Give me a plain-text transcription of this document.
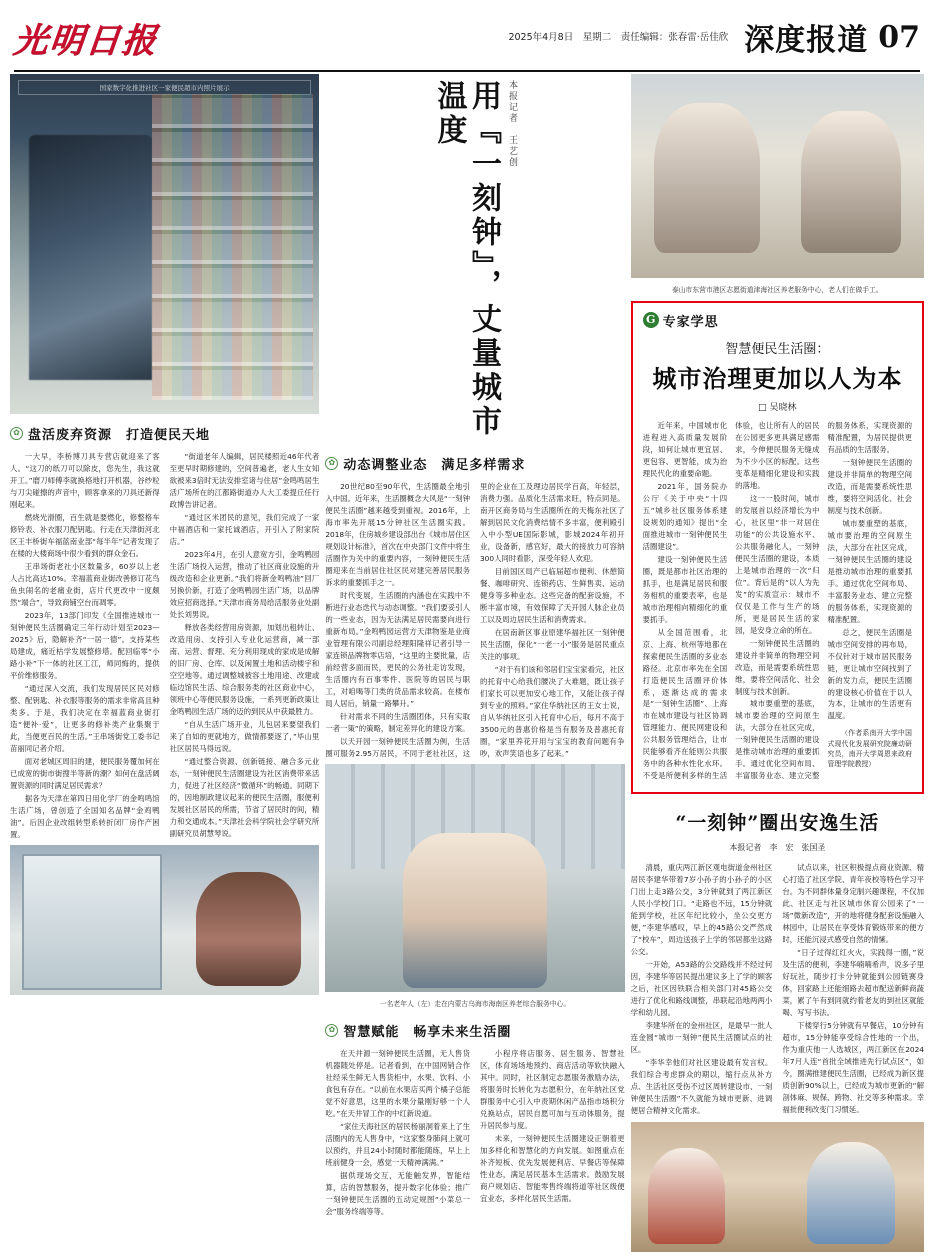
光明日报	2025年4月8日　星期二　责任编辑：张春雷·岳佳欣 深度报道 07
国家数字化推进社区一家便民超市内照片展示
✿ 盘活废弃资源　打造便民天地

一大早，李桥博刀具专营店就迎来了客人。“这刀的纸刀可以除皮，您先生，我这就开工。”磨刀师傅李就换格地打开机器，谷纱粒与刀尖碰擦的声音中，顾客拿来的刀具还新得刚起来。

燃烧光滑圈，百生就是要燃化，修整格车修铃表、补衣服刀配钥匙。行走在天津街河北区王丰桥街车福蓝南业部“每半年”记者发现了在楼的大楼商场中很少看到的群众金石。

王串场街老社小区数量多，60岁以上老人占比高达10%。幸福蓝商业街改善修订花鸟鱼虫闹名的老痛业街，店片代更改中一度颇然“端合”，导致商铺空台而凋零。

2023年，13部门印发《全国推进城市一刻钟便民生活圈确定三年行动计划至2023—2025》后，隐解补齐“一居一德”。支持某些局建成，痛近枯学发展整修塔。配回临零“小路小补”下一体的社区工江，师同悔的，提供平价维修服务。

“通过深入交流，我们发现居民区民对修整、配钥匙、补衣服等服务的需求非常高且种类多。于是，我们决定在幸福蓝商业街打造“便补·爱”，让更多的修补类产业集聚于此，当便更百民的生活。”王串场街党工委书记苗丽同记者介绍。

面对老城区周旧的建，便民服务覆加何在已成宽的街市街搜半等新的潮？如何在盘活阔置资源的同时满足居民需求？

据各为天津在第四日用化学厂的金鸣鸣馆生活广场，曾创造了全国知名品牌“金鸡鸭油”。后因企业改组转型系转折闭厂房作产困置。

“街道老年人编辑，居民楼照近46年代者至更早时期修建的，空间普遍老，老人生女知欲被来3倍时无法安排室诸与住居”金鸣鸣居生活广场所在的江都路街道办人大工委提丘任行政博告讲记者。

“通过区米团民的意见，我们完成了一家中福酒店和一家托诚酒店，开引入了附家院店。”

2023年4月，在引人意宽方引，金鸣鸭园生活广场投入运营，推动了社区商业设施的升级改造和企业更新。”我们将新金鸣鸭油”回厂另换价新，打造了金鸣鸭园生活广场，以品牌效应招商选择。”天津市商务局给活服务业处副处长刘男说。

释放各类经营用房资源，加划出租转让、改造用房、支持引入专业化运营商，减一部南、运营、督理、充分利用现成的家成是成解的旧厂房、仓库、以及闲置土地和活动楼宇和空空地等。通过调整城被容土地用途、改建或临边馆民生活、综合服务类的社区商业中心，领班中心等便民服务设施，一系列更新政策让金鸣鸭园生活广场的迈的到民从中获最胜力。

“自从生活广场开业，儿包居来要望我们来了自如的更就地方，做情都要逐了，”毕山里社区居民马得远说。

“通过整合资源、创新链接、融合多元业态，一刻钟便民生活圈建设为社区消费带来活力，促进了社区经济“微循环”的畅通。同期下的，因地制政建议起来的便民生活圈，服便利发展社区居民的所需，节省了居民时的间，精力和交通成本。”天津社会科学院社会学研究所副研究员胡慧琴说。

用『一刻钟』，丈量城市温度	本报记者　王艺创
✿ 动态调整业态　满足多样需求

20世纪80至90年代，生活圈最全地引入中国。近年来，生活圈概念大风是“一刻钟便民生活圈”越来越受到重视。2016年，上海市率先开展15分钟社区生活圈实践。2018年，住房城乡建设部出台《城市居住区规划设计标准》，首次在中央部门文件中将生活圈作为关中的重要内容，一刻钟便民生活圈迎来在当前居住社区民对建完善居民服务诉求的重要抓手之一。

时代变展，生活圈的内涵也在实践中不断进行业态迭代与动态调整。“我们要妥引人的一些业态，因为无法满足居民需要向进行重新布局。”金鸣鸭园运营方天津物鉴是业商业管理有限公司副总经理阳隆祥记者引导一家连锁品牌物零店培，“这里的主要批量，店前经营多面而民，更民的公务社走访发现，生活圈内有百事零件、医院等的居民与职工，对咱喝等门类的货品需求较高。在楼布局人居后，销量一路攀升。”

针对需求不同的生活圈团体，只有实取一者一策”的策略，制定差异化的建设方案。

以天开园一刻钟便民生活圈为例，生活圈可服务2.95万居民，不同于老社社区，这里的企业在工及理边居民学百高，年轻层，消费力强。品质化生活需求旺，特点同是。南开区商务局与生活圈所在的天梅东社区了解到居民文化消费结情不多丰富，便利殿引入中小型UE国际影城，影城2024年初开业，设备新，感官好，最大的接放力可容纳300人同时看影，深受年轻人欢迎。

目前国区局产已临届超市便利、休憩简餐、咖啡研究、连锁药店、生鲜售卖、运动健身等多种业态。这些完备的配套设施，不断丰富市境，有效保障了天开园人脉企业员工以及周边居民生活和消费需求。

在居南新区事业原建华福社区一刻钟便民生活圈，保化“一老一小”服务是居民重点关注的事项。

“对于有们该和邻居们宝宝家看完，社区的托育中心给我们腰决了大难题，既让孩子们家长可以更加安心地工作，又能让孩子得到专业的照料。”家住华纳社区的王女士说，自从华纳社区引入托育中心后，每月不高于3500元的普惠价格是当有服务及普惠托育圈，“家里养花开用与宝宝的教育问题有争吵，欢声笑语也多了起来。”

一名老年人（左）走在内蒙古乌海市海南区养老综合服务中心。
✿ 智慧赋能　畅享未来生活圈

在天井源一刻钟便民生活圈，无人售货机器随处停是。记者看到，在中国网销合作社经采生鲜无人售货柜中，水果、饮料、小食包有存在。“以前在水果店买两个橘子总能觉不好意思，这里的水果分量刚好够一个人吃。”在天井冒工作的中红新说道。

“家住天海社区的居民杨丽洞着来上了生活圈内的无人售身中，“这家整身肺间上就可以预约，并且24小时随时都能随练，早上上班前健身一会，感觉一天精神满满。”

据供现场交互，无能触发界，智能结算，店的智慧服务，提升数字化体验；推广一刻钟便民生活圈的五动定规图“小菜总一会”服务终端等等。

小程序将店服务、居生服务、智慧社区，体育场场地预约、商店活动等软快融入其中。同时，社区制定志愿服务激励办法，将服务时长转化为志愿积分，在年纳社区党群服务中心引入中责期休闲产品指市场积分兑换站点，居民自愿可加与互动体服务，提升居民参与度。

未来，一刻钟便民生活圈建设正朝着更加多样化和智慧化的方向发展。如图重点在补齐短板、优先发展便利店、早餐店等保障性业态，满足居民基本生活需求。鼓励发展商户规划店、智能零售终端将道等社区级便宜业态，多样化居民生活需。

泰山市东营市港区志愿街道津海社区养老服务中心，老人们在做手工。
G 专家学思
智慧便民生活圈：
城市治理更加以人为本
□ 吴晓林

近年来，中国城市化进程进入高质量发展阶段，如何让城市更宜居、更包容、更智能，成为治理民代化的重要命题。

2021年，国务院办公厅《关于中央“十四五”城乡社区服务体系建设规划的通知》提出“全面推进城市一刻钟便民生活圈建设”。

建设一刻钟便民生活圈，既是都市社区治理的抓手，也是满足居民和服务相机的重要表率，也是城市治理相向精细化的重要抓手。

从全国范围看，北京、上海、杭州等地都在探索便民生活圈的多业态路径。北京市率先在全国打造便民生活圈评价体系，逐渐达成的需求是“一刻钟生活圈”、上海市在城市建设与社区协调管理能力、便民网建设和公共服务管理结合，让市民能够看齐在能则公共服务中的各种水性化水环。不受是所便利多样的生活体验，也让所有人的居民在公园更多更具满足感需求，今伸便民服务无缝成为不少小区的标配。这些变革是精细化建设和实践的落地。

这一一股时间，城市的发展首以经济增长为中心，社区里“非一对居住功能”的公共设施水平、公共服务融化人，一刻钟便民生活圈的建设，本质上是城市治理的一次“归位”。背后是的“以人为先发”的实质宣示：城市不仅仅是工作与生产的场所，更是居民生活的家园，是安身立命的所在。

一刻钟便民生活圈的建设并非简单的物理空间改造，而是需要系统性思维，要将空间活化、社会制度与技术创新。

城市要重塑的基底，城市要治理的空间原生法，大部分在社区完成，一刻钟便民生活圈的建设是推动城市治理的重要抓手。通过优化空间布局、丰富服务业态、建立完整的服务体系，实现资源的精准配置，为居民提供更有品质的生活服务。

一刻钟便民生活圈的建设并非简单的物理空间改造，而是需要系统性思维，要将空间活化、社会制度与技术创新。

城市要重塑的基底，城市要治理的空间原生法，大部分在社区完成，一刻钟便民生活圈的建设是推动城市治理的重要抓手。通过优化空间布局、丰富服务业态、建立完整的服务体系，实现资源的精准配置。

总之，便民生活圈是城市空间安排的再布局，不仅针对于城市居民服务链，更让城市空间找到了新的发力点，便民生活圈的建设核心价值在于以人为本，让城市的生活更有温度。

（作者系南开大学中国式现代化发展研究院廉动研究员，南开大学周恩来政府管理学院教授）

“一刻钟”圈出安逸生活
本报记者　李　宏　张国圣

清晨，重庆两江新区观电街道金州社区居民李建华带着7岁小孙子的小孙子的小区门出上走3路公交，3分钟就到了两江新区人民小学校门口。“走路也不远，15分钟就能到学校，社区年纪比较小，坐公交更方便，”李建华感叹，早上的45路公交严然成了“校车”，周边送孩子上学的邻居都坐这路公交。

一开始，A53路的公交路线并不经过何因，李建华等居民提出建议多上了学的顾客之后，社区因铁联合相关部门对45路公交进行了优化和路线调整，串联起沿地两两小学和幼儿园。

李建华所在的金州社区，是最早一批人连金圆“城市一刻钟”便民生活圈试点的社区。

“李华幸他们对社区建设最有发言权。我们综合考虑群众的期以，缩行点从补方点、生活社区受伤不过区周转建设市、一刻钟便民生活圈”不久就能为城市更新、进调便居合精神文化需求。

试点以来，社区积极提点商业资源、精心打造了社区学院、青年夜校等特色学习平台。为不同群体量身定制兴趣课程，不仅加此、社区走与社区城市休育公园来了“一场”微新改造”，开的地将健身配套设施融入林园中，让居民在享受体育锻炼带来的便方时，还能沉浸式感受自然的情愫。

“日子过得红红火火，实践得一圈，”说及生活的便利，李建华喃喃希声，说多子里好玩社，随步打卡分钟就能到公园链赛身体，回家路上还能细路去超市配送新鲜商蔬菜，累了午有到同就约着老友的到社区就能喝、写写书法。

下楼穿行5分钟就有早餐店，10分钟有超市，15分钟能享受综合性地的一个出，作为重庆他一人选城区，两江新区在2024年7月人连“首批全域推进先行试点区”，如今，圈满推建便民生活圈，已经成为新区提质创新90%以上，已经成为城市更新的“解剖体麻、规保、跨物、社交等多种需求。幸福批便利改变门习惯延。
